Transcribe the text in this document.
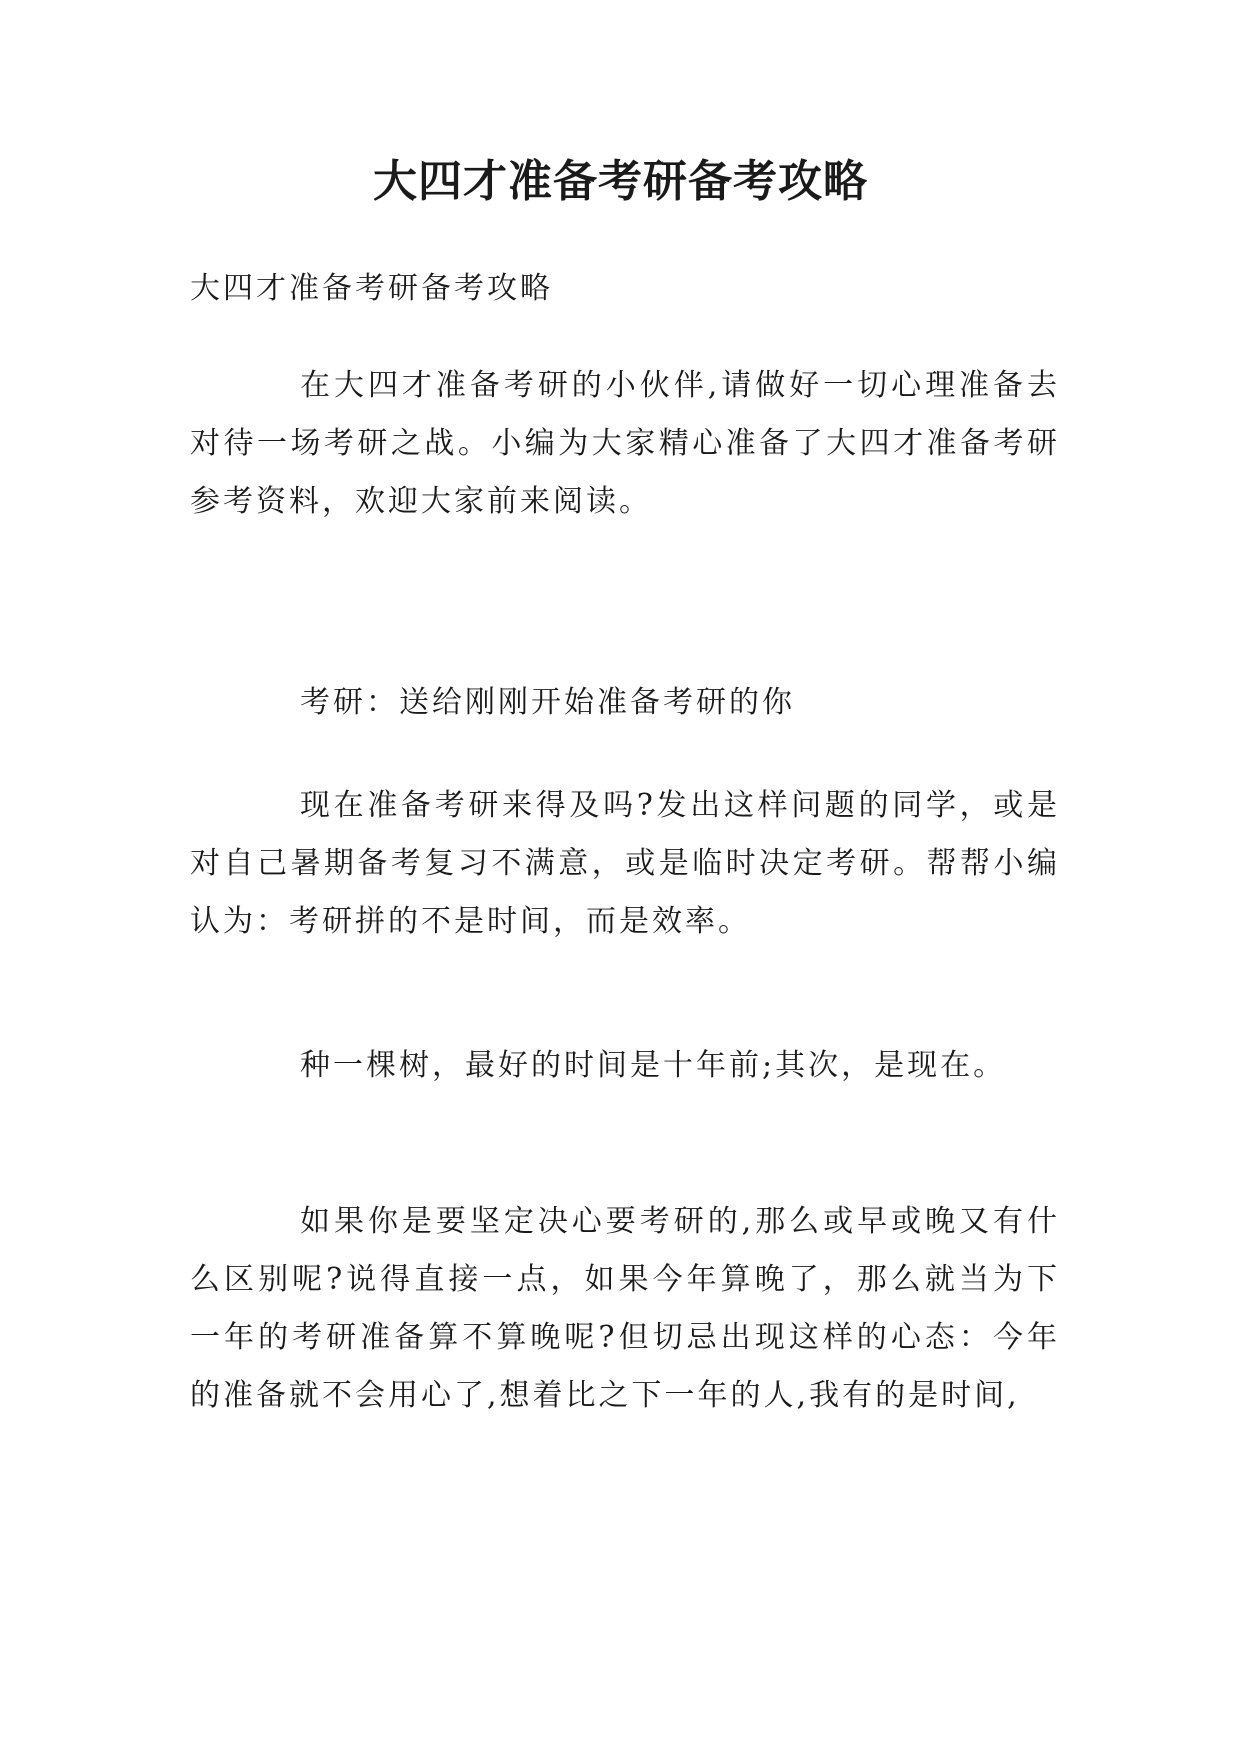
大四才准备考研备考攻略

大四才准备考研备考攻略

在大四才准备考研的小伙伴,请做好一切心理准备去对待一场考研之战。小编为大家精心准备了大四才准备考研参考资料，欢迎大家前来阅读。

考研：送给刚刚开始准备考研的你

现在准备考研来得及吗?发出这样问题的同学，或是对自己暑期备考复习不满意，或是临时决定考研。帮帮小编认为：考研拼的不是时间，而是效率。

种一棵树，最好的时间是十年前;其次，是现在。

如果你是要坚定决心要考研的,那么或早或晚又有什么区别呢?说得直接一点，如果今年算晚了，那么就当为下一年的考研准备算不算晚呢?但切忌出现这样的心态：今年的准备就不会用心了,想着比之下一年的人,我有的是时间,
